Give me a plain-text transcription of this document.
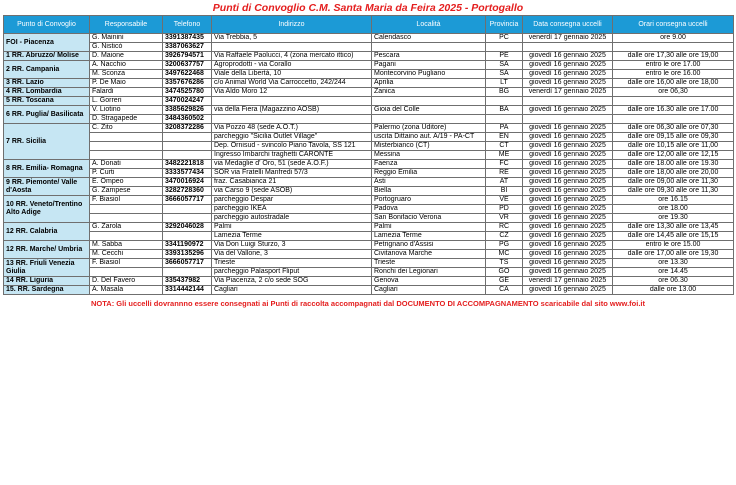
Punti di Convoglio C.M. Santa Maria da Feira 2025 - Portogallo
Punto di Convoglio	Responsabile	Telefono	Indirizzo	Località	Provincia	Data consegna uccelli	Orari consegna uccelli
FOI - Piacenza	G. Mainini	3391387435	Via Trebbia, 5	Calendasco	PC	venerdì 17 gennaio 2025	ore 9.00
	G. Nisticò	3387063627					
1 RR. Abruzzo/ Molise	D. Maione	3926794571	Via Raffaele Paolucci, 4 (zona mercato ittico)	Pescara	PE	giovedì 16 gennaio 2025	dalle ore 17,30 alle ore 19,00
2 RR. Campania	A. Nacchio	3200637757	Agroprodotti - via Corallo	Pagani	SA	giovedì 16 gennaio 2025	entro le ore 17.00
	M. Sconza	3497622468	Viale della Libertà, 10	Montecorvino Pugliano	SA	giovedì 16 gennaio 2025	entro le ore 16.00
3 RR. Lazio	P. De Maio	3357676286	c/o Animal World Via Carroccetto, 242/244	Aprilia	LT	giovedì 16 gennaio 2025	dalle ore 16,00 alle ore 18,00
4 RR. Lombardia	Falardi	3474525780	Via Aldo Moro 12	Zanica	BG	venerdì 17 gennaio 2025	ore 06,30
5 RR. Toscana	L. Gorreri	3470024247					
6 RR. Puglia/ Basilicata	V. Liotino	3385629826	via della Fiera (Magazzino AOSB)	Gioia del Colle	BA	giovedì 16 gennaio 2025	dalle ore 16.30 alle ore 17.00
	D. Stragapede	3484360502					
7 RR. Sicilia	C. Zito	3208372286	Via Pozzo 48 (sede A.O.T.)	Palermo (zona Uditore)	PA	giovedì 16 gennaio 2025	dalle ore 06,30 alle ore 07,30
			parcheggio "Sicilia Outlet Village"	uscita Dittaino aut. A/19 - PA-CT	EN	giovedì 16 gennaio 2025	dalle ore 09,15 alle ore 09,30
			Dep. Ornisud - svincolo Piano Tavola, SS 121	Misterbianco (CT)	CT	giovedì 16 gennaio 2025	dalle ore 10,15 alle ore 11,00
			Ingresso Imbarchi traghetti CARONTE	Messina	ME	giovedì 16 gennaio 2025	dalle ore 12,00 alle ore 12,15
8 RR. Emilia- Romagna	A. Donati	3482221818	via Medaglie d' Oro, 51 (sede A.O.F.)	Faenza	FC	giovedì 16 gennaio 2025	dalle ore 18.00 alle ore 19.30
	P. Curti	3333577434	SOR via Fratelli Manfredi 57/3	Reggio Emilia	RE	giovedì 16 gennaio 2025	dalle ore 18,00 alle ore 20,00
9 RR. Piemonte/ Valle d'Aosta	E. Ompeo	3470016924	fraz. Casabianca 21	Asti	AT	giovedì 16 gennaio 2025	dalle ore 09,00 alle ore 11,30
	G. Zampese	3282728360	via Carso 9 (sede ASOB)	Biella	BI	giovedì 16 gennaio 2025	dalle ore 09,30 alle ore 11,30
10 RR. Veneto/Trentino Alto Adige	F. Biasiol	3666057717	parcheggio Despar	Portogruaro	VE	giovedì 16 gennaio 2025	ore 16.15
			parcheggio IKEA	Padova	PD	giovedì 16 gennaio 2025	ore 18.00
			parcheggio autostradale	San Bonifacio Verona	VR	giovedì 16 gennaio 2025	ore 19.30
12 RR. Calabria	G. Zarola	3292046028	Palmi	Palmi	RC	giovedì 16 gennaio 2025	dalle ore 13,30 alle ore 13,45
			Lamezia Terme	Lamezia Terme	CZ	giovedì 16 gennaio 2025	dalle ore 14,45 alle ore 15,15
12 RR. Marche/ Umbria	M. Sabba	3341190972	Via Don Luigi Sturzo, 3	Petrignano d'Assisi	PG	giovedì 16 gennaio 2025	entro le ore 15.00
	M. Cecchi	3393135296	Via del Vallone, 3	Civitanova Marche	MC	giovedì 16 gennaio 2025	dalle ore 17,00 alle ore 19,30
13 RR. Friuli Venezia Giulia	F. Biasiol	3666057717	Trieste	Trieste	TS	giovedì 16 gennaio 2025	ore 13.30
			parcheggio Palasport Fliput	Ronchi dei Legionari	GO	giovedì 16 gennaio 2025	ore 14.45
14 RR. Liguria	D. Del Favero	335437982	Via Piacenza, 2 c/o sede SOG	Genova	GE	venerdì 17 gennaio 2025	ore 06.30
15. RR. Sardegna	A. Masala	3314442144	Cagliari	Cagliari	CA	giovedì 16 gennaio 2025	dalle ore 13.00
NOTA: Gli uccelli dovrannno essere consegnati ai Punti di raccolta accompagnati dal DOCUMENTO DI ACCOMPAGNAMENTO scaricabile dal sito www.foi.it
